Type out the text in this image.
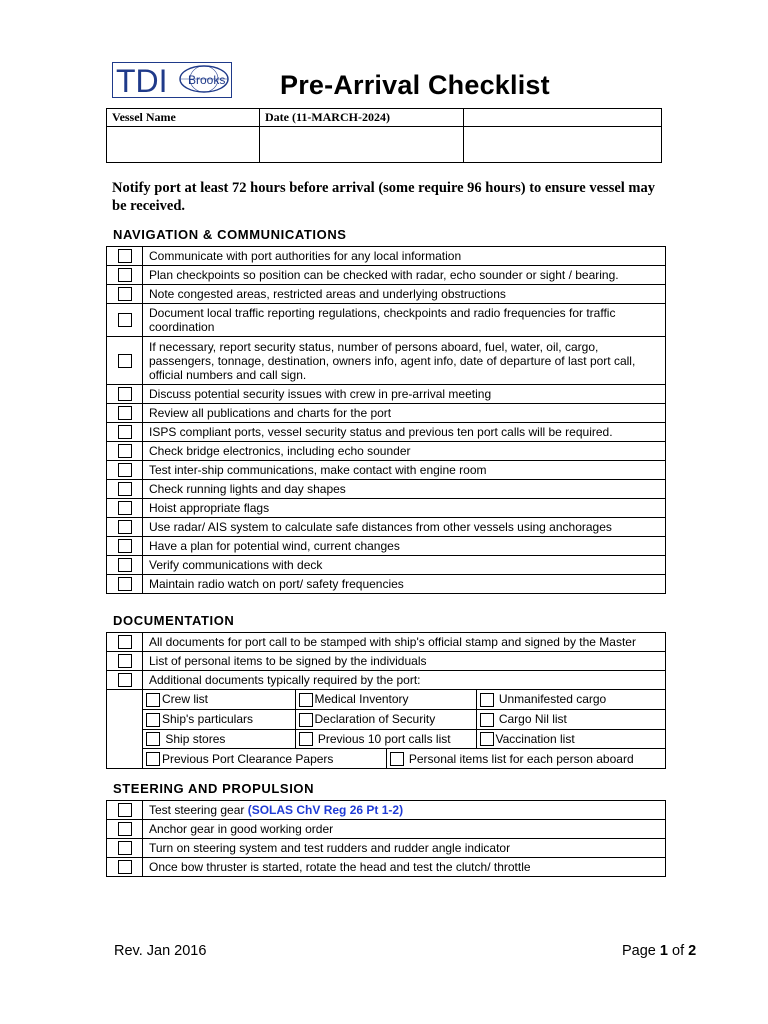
TDI Brooks Pre-Arrival Checklist
Vessel Name	Date (11-MARCH-2024)	

Notify port at least 72 hours before arrival (some require 96 hours) to ensure vessel may be received.
NAVIGATION & COMMUNICATIONS
	Communicate with port authorities for any local information
	Plan checkpoints so position can be checked with radar, echo sounder or sight / bearing.
	Note congested areas, restricted areas and underlying obstructions
	Document local traffic reporting regulations, checkpoints and radio frequencies for traffic coordination
	If necessary, report security status, number of persons aboard, fuel, water, oil, cargo, passengers, tonnage, destination, owners info, agent info, date of departure of last port call, official numbers and call sign.
	Discuss potential security issues with crew in pre-arrival meeting
	Review all publications and charts for the port
	ISPS compliant ports, vessel security status and previous ten port calls will be required.
	Check bridge electronics, including echo sounder
	Test inter-ship communications, make contact with engine room
	Check running lights and day shapes
	Hoist appropriate flags
	Use radar/ AIS system to calculate safe distances from other vessels using anchorages
	Have a plan for potential wind, current changes
	Verify communications with deck
	Maintain radio watch on port/ safety frequencies
DOCUMENTATION
	All documents for port call to be stamped with ship's official stamp and signed by the Master
	List of personal items to be signed by the individuals
	Additional documents typically required by the port:

Crew list	Medical Inventory	Unmanifested cargo
Ship's particulars	Declaration of Security	Cargo Nil list
Ship stores	Previous 10 port calls list	Vaccination list
Previous Port Clearance Papers	Personal items list for each person aboard
STEERING AND PROPULSION
	Test steering gear (SOLAS ChV Reg 26 Pt 1-2)
	Anchor gear in good working order
	Turn on steering system and test rudders and rudder angle indicator
	Once bow thruster is started, rotate the head and test the clutch/ throttle
Rev. Jan 2016	Page 1 of 2
